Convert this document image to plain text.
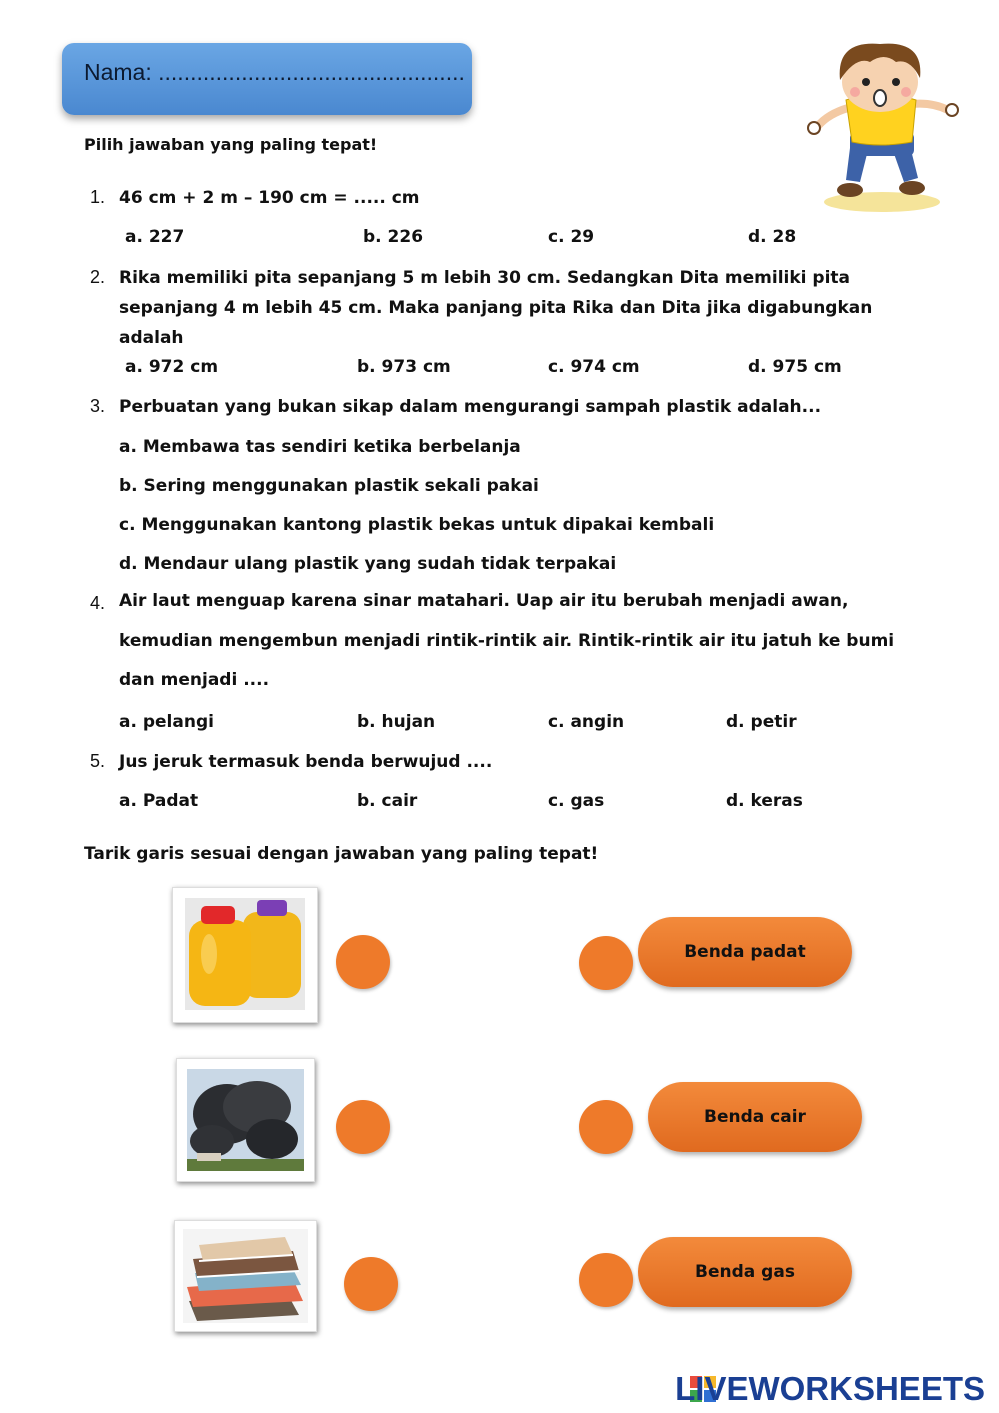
Nama: ................................................
Pilih jawaban yang paling tepat!
1. 46 cm + 2 m – 190 cm = ..... cm
a. 227	b. 226	c. 29	d. 28
2. Rika memiliki pita sepanjang 5 m lebih 30 cm. Sedangkan Dita memiliki pita
sepanjang 4 m lebih 45 cm. Maka panjang pita Rika dan Dita jika digabungkan
adalah
a. 972 cm	b. 973 cm	c. 974 cm	d. 975 cm
3. Perbuatan yang bukan sikap dalam mengurangi sampah plastik adalah...
a. Membawa tas sendiri ketika berbelanja
b. Sering menggunakan plastik sekali pakai
c. Menggunakan kantong plastik bekas untuk dipakai kembali
d. Mendaur ulang plastik yang sudah tidak terpakai
4. Air laut menguap karena sinar matahari. Uap air itu berubah menjadi awan,
kemudian mengembun menjadi rintik-rintik air. Rintik-rintik air itu jatuh ke bumi
dan menjadi ....
a. pelangi	b. hujan	c. angin	d. petir
5. Jus jeruk termasuk benda berwujud ....
a. Padat	b. cair	c. gas	d. keras
Tarik garis sesuai dengan jawaban yang paling tepat!
Benda padat
Benda cair
Benda gas
LIVEWORKSHEETS
